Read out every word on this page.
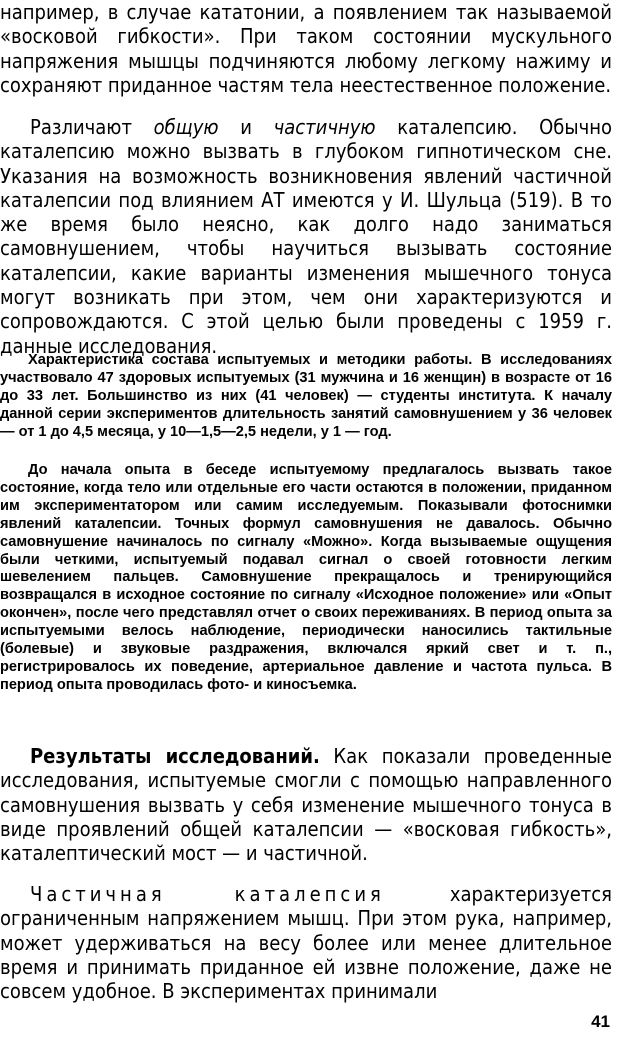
например, в случае кататонии, а появлением так называемой «восковой гибкости». При таком состоянии мускульного напряжения мышцы подчиняются любому легкому нажиму и сохраняют приданное частям тела неестественное положение.

Различают общую и частичную каталепсию. Обычно каталепсию можно вызвать в глубоком гипнотическом сне. Указания на возможность возникновения явлений частичной каталепсии под влиянием АТ имеются у И. Шульца (519). В то же время было неясно, как долго надо заниматься самовнушением, чтобы научиться вызывать состояние каталепсии, какие варианты изменения мышечного тонуса могут возникать при этом, чем они характеризуются и сопровождаются. С этой целью были проведены с 1959 г. данные исследования.

Характеристика состава испытуемых и методики работы. В исследованиях участвовало 47 здоровых испытуемых (31 мужчина и 16 женщин) в возрасте от 16 до 33 лет. Большинство из них (41 человек) — студенты института. К началу данной серии экспериментов длительность занятий самовнушением у 36 человек — от 1 до 4,5 месяца, у 10—1,5—2,5 недели, у 1 — год.

До начала опыта в беседе испытуемому предлагалось вызвать такое состояние, когда тело или отдельные его части остаются в положении, приданном им экспериментатором или самим исследуемым. Показывали фотоснимки явлений каталепсии. Точных формул самовнушения не давалось. Обычно самовнушение начиналось по сигналу «Можно». Когда вызываемые ощущения были четкими, испытуемый подавал сигнал о своей готовности легким шевелением пальцев. Самовнушение прекращалось и тренирующийся возвращался в исходное состояние по сигналу «Исходное положение» или «Опыт окончен», после чего представлял отчет о своих переживаниях. В период опыта за испытуемыми велось наблюдение, периодически наносились тактильные (болевые) и звуковые раздражения, включался яркий свет и т. п., регистрировалось их поведение, артериальное давление и частота пульса. В период опыта проводилась фото- и киносъемка.

Результаты исследований. Как показали проведенные исследования, испытуемые смогли с помощью направленного самовнушения вызвать у себя изменение мышечного тонуса в виде проявлений общей каталепсии — «восковая гибкость», каталептический мост — и частичной.

Частичная каталепсия характеризуется ограниченным напряжением мышц. При этом рука, например, может удерживаться на весу более или менее длительное время и принимать приданное ей извне положение, даже не совсем удобное. В экспериментах принимали

41
